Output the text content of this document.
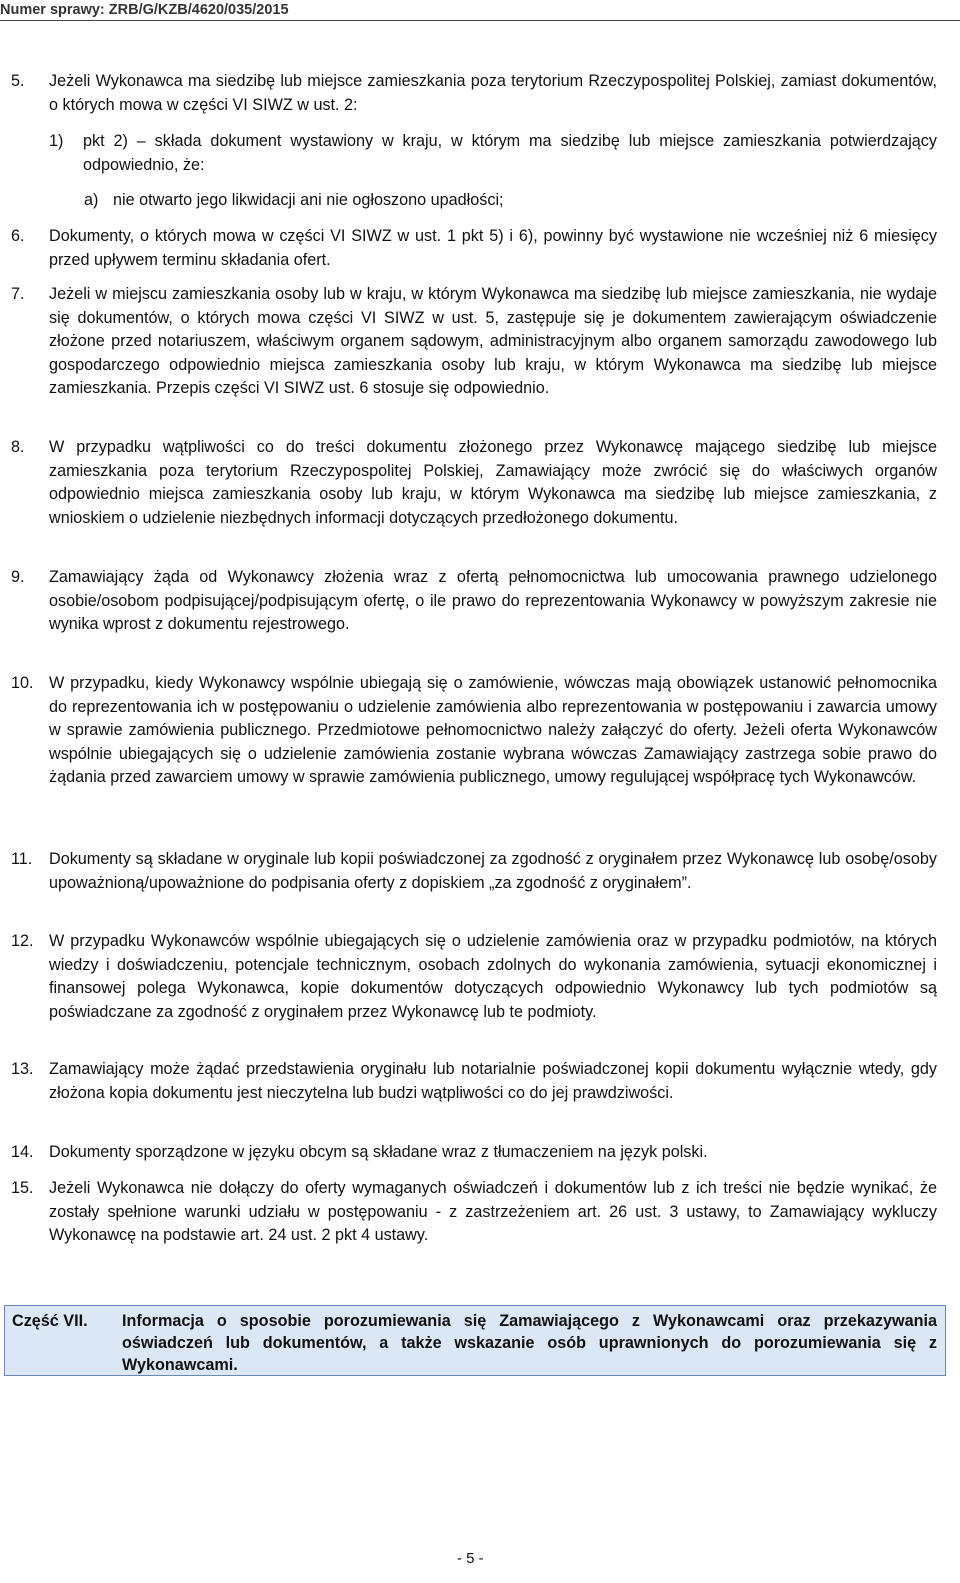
Numer sprawy: ZRB/G/KZB/4620/035/2015
5.	Jeżeli Wykonawca ma siedzibę lub miejsce zamieszkania poza terytorium Rzeczypospolitej Polskiej, zamiast dokumentów, o których mowa w części VI SIWZ w ust. 2:
1) pkt 2) – składa dokument wystawiony w kraju, w którym ma siedzibę lub miejsce zamieszkania potwierdzający odpowiednio, że:
a) nie otwarto jego likwidacji ani nie ogłoszono upadłości;
6.	Dokumenty, o których mowa w części VI SIWZ w ust. 1 pkt 5) i 6), powinny być wystawione nie wcześniej niż 6 miesięcy przed upływem terminu składania ofert.
7.	Jeżeli w miejscu zamieszkania osoby lub w kraju, w którym Wykonawca ma siedzibę lub miejsce zamieszkania, nie wydaje się dokumentów, o których mowa części VI SIWZ w ust. 5, zastępuje się je dokumentem zawierającym oświadczenie złożone przed notariuszem, właściwym organem sądowym, administracyjnym albo organem samorządu zawodowego lub gospodarczego odpowiednio miejsca zamieszkania osoby lub kraju, w którym Wykonawca ma siedzibę lub miejsce zamieszkania. Przepis części VI SIWZ ust. 6 stosuje się odpowiednio.
8.	W przypadku wątpliwości co do treści dokumentu złożonego przez Wykonawcę mającego siedzibę lub miejsce zamieszkania poza terytorium Rzeczypospolitej Polskiej, Zamawiający może zwrócić się do właściwych organów odpowiednio miejsca zamieszkania osoby lub kraju, w którym Wykonawca ma siedzibę lub miejsce zamieszkania, z wnioskiem o udzielenie niezbędnych informacji dotyczących przedłożonego dokumentu.
9.	Zamawiający żąda od Wykonawcy złożenia wraz z ofertą pełnomocnictwa lub umocowania prawnego udzielonego osobie/osobom podpisującej/podpisującym ofertę, o ile prawo do reprezentowania Wykonawcy w powyższym zakresie nie wynika wprost z dokumentu rejestrowego.
10. W przypadku, kiedy Wykonawcy wspólnie ubiegają się o zamówienie, wówczas mają obowiązek ustanowić pełnomocnika do reprezentowania ich w postępowaniu o udzielenie zamówienia albo reprezentowania w postępowaniu i zawarcia umowy w sprawie zamówienia publicznego. Przedmiotowe pełnomocnictwo należy załączyć do oferty. Jeżeli oferta Wykonawców wspólnie ubiegających się o udzielenie zamówienia zostanie wybrana wówczas Zamawiający zastrzega sobie prawo do żądania przed zawarciem umowy w sprawie zamówienia publicznego, umowy regulującej współpracę tych Wykonawców.
11.	Dokumenty są składane w oryginale lub kopii poświadczonej za zgodność z oryginałem przez Wykonawcę lub osobę/osoby upoważnioną/upoważnione do podpisania oferty z dopiskiem „za zgodność z oryginałem”.
12. W przypadku Wykonawców wspólnie ubiegających się o udzielenie zamówienia oraz w przypadku podmiotów, na których wiedzy i doświadczeniu, potencjale technicznym, osobach zdolnych do wykonania zamówienia, sytuacji ekonomicznej i finansowej polega Wykonawca, kopie dokumentów dotyczących odpowiednio Wykonawcy lub tych podmiotów są poświadczane za zgodność z oryginałem przez Wykonawcę lub te podmioty.
13. Zamawiający może żądać przedstawienia oryginału lub notarialnie poświadczonej kopii dokumentu wyłącznie wtedy, gdy złożona kopia dokumentu jest nieczytelna lub budzi wątpliwości co do jej prawdziwości.
14. Dokumenty sporządzone w języku obcym są składane wraz z tłumaczeniem na język polski.
15. Jeżeli Wykonawca nie dołączy do oferty wymaganych oświadczeń i dokumentów lub z ich treści nie będzie wynikać, że zostały spełnione warunki udziału w postępowaniu - z zastrzeżeniem art. 26 ust. 3 ustawy, to Zamawiający wykluczy Wykonawcę na podstawie art. 24 ust. 2 pkt 4 ustawy.
Część VII. Informacja o sposobie porozumiewania się Zamawiającego z Wykonawcami oraz przekazywania oświadczeń lub dokumentów, a także wskazanie osób uprawnionych do porozumiewania się z Wykonawcami.
- 5 -
